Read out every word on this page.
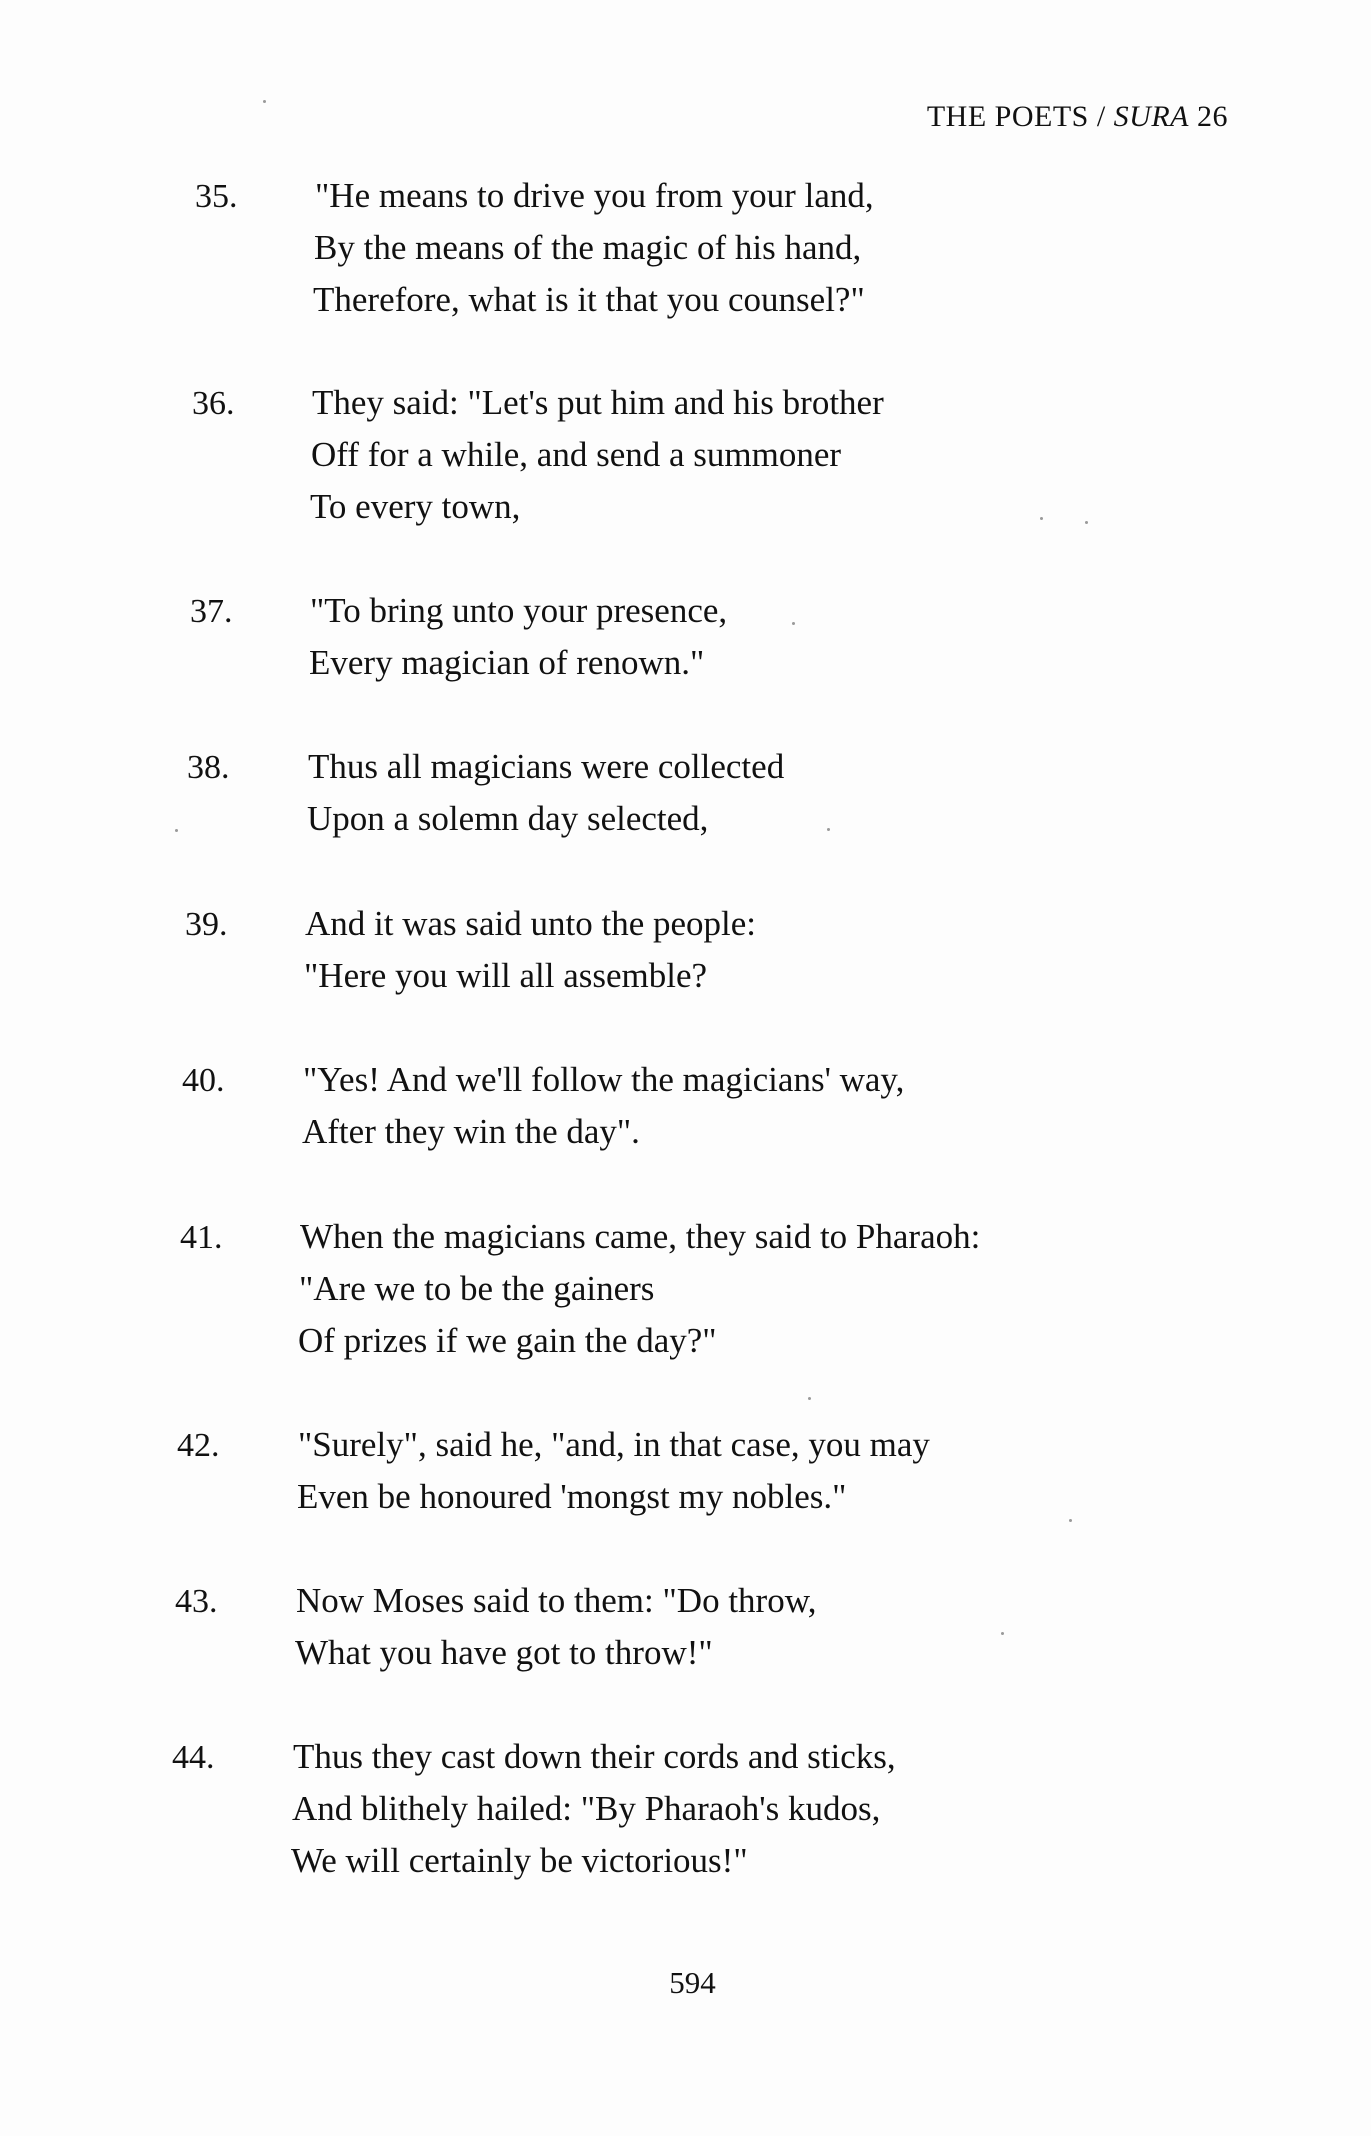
THE POETS / SURA 26
35. "He means to drive you from your land,
By the means of the magic of his hand,
Therefore, what is it that you counsel?"
36. They said: "Let's put him and his brother
Off for a while, and send a summoner
To every town,
37. "To bring unto your presence,
Every magician of renown."
38. Thus all magicians were collected
Upon a solemn day selected,
39. And it was said unto the people:
"Here you will all assemble?
40. "Yes! And we'll follow the magicians' way,
After they win the day".
41. When the magicians came, they said to Pharaoh:
"Are we to be the gainers
Of prizes if we gain the day?"
42. "Surely", said he, "and, in that case, you may
Even be honoured 'mongst my nobles."
43. Now Moses said to them: "Do throw,
What you have got to throw!"
44. Thus they cast down their cords and sticks,
And blithely hailed: "By Pharaoh's kudos,
We will certainly be victorious!"
594
